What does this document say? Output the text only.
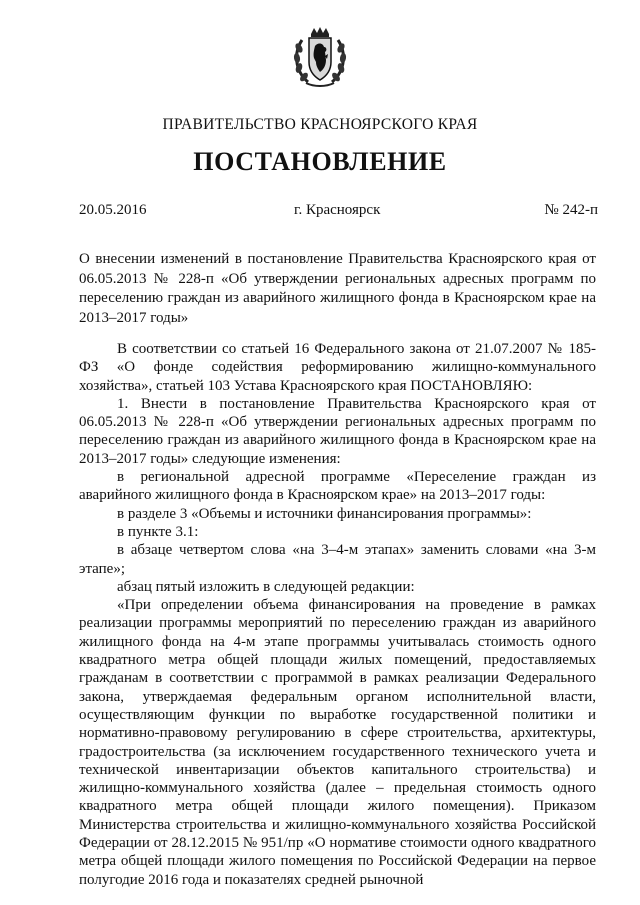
ПРАВИТЕЛЬСТВО КРАСНОЯРСКОГО КРАЯ
ПОСТАНОВЛЕНИЕ
20.05.2016	г. Красноярск	№ 242-п
О внесении изменений в постановление Правительства Красноярского края от 06.05.2013 № 228-п «Об утверждении региональных адресных программ по переселению граждан из аварийного жилищного фонда в Красноярском крае на 2013–2017 годы»

В соответствии со статьей 16 Федерального закона от 21.07.2007 № 185-ФЗ «О фонде содействия реформированию жилищно-коммунального хозяйства», статьей 103 Устава Красноярского края ПОСТАНОВЛЯЮ:

1. Внести в постановление Правительства Красноярского края от 06.05.2013 № 228-п «Об утверждении региональных адресных программ по переселению граждан из аварийного жилищного фонда в Красноярском крае на 2013–2017 годы» следующие изменения:

в региональной адресной программе «Переселение граждан из аварийного жилищного фонда в Красноярском крае» на 2013–2017 годы:

в разделе 3 «Объемы и источники финансирования программы»:

в пункте 3.1:

в абзаце четвертом слова «на 3–4-м этапах» заменить словами «на 3-м этапе»;

абзац пятый изложить в следующей редакции:

«При определении объема финансирования на проведение в рамках реализации программы мероприятий по переселению граждан из аварийного жилищного фонда на 4-м этапе программы учитывалась стоимость одного квадратного метра общей площади жилых помещений, предоставляемых гражданам в соответствии с программой в рамках реализации Федерального закона, утверждаемая федеральным органом исполнительной власти, осуществляющим функции по выработке государственной политики и нормативно-правовому регулированию в сфере строительства, архитектуры, градостроительства (за исключением государственного технического учета и технической инвентаризации объектов капитального строительства) и жилищно-коммунального хозяйства (далее – предельная стоимость одного квадратного метра общей площади жилого помещения). Приказом Министерства строительства и жилищно-коммунального хозяйства Российской Федерации от 28.12.2015 № 951/пр «О нормативе стоимости одного квадратного метра общей площади жилого помещения по Российской Федерации на первое полугодие 2016 года и показателях средней рыночной
